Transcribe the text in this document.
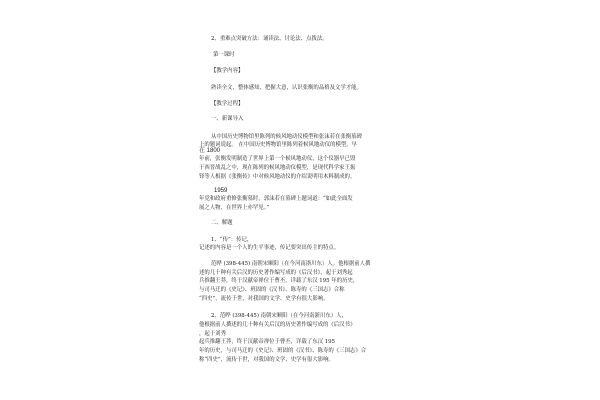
2、重难点突破方法：诵读法、讨论法、点拨法。
第一课时
【教学内容】
熟读全文，整体感知，把握大意，认识张衡的品格及文学才能。
【教学过程】
一、新课导入
从中国历史博物馆里陈列的候风地动仪模型和张沫若在张衡墓碑
上的题词说起。 在中国历史博物馆里陈列着候风地动仪的模型。早
在 1800
年前，张衡发明制造了世界上第一个候风地动仪，这个仪器早已毁
于西晋战乱之中，现在陈列的候风地动仪模型，是现代科学家王振
铎等人根据《张衡传》中对候风地动仪的介绍说明用木料制成的。
1959
年党和政府重修张衡墓时，郭沫若在墓碑上题词道：“如此全面发
展之人物，在世界上亦罕见。”
二、解题
1、“传”：传记，
记述的内容是一个人的生平事迹，传记要突出传主的特点。
范晔 (398-445) 南朝宋顺阳（在今河南浙川东）人。他根据前人撰
述的几十种有关后汉的历史著作编写成的《后汉书》，起于刘秀起
兵推翻王莽，终于汉献帝禅位于曹丕，详载了东汉 195 年的历史，
与司马迁的《史记》、班固的《汉书》、陈寿的《三国志》合称
“四史”，流传于世，对我国的文学、史学有很大影响。
2、范晔 (398-445) 南朝宋顺阳（在今河南浙川东）人，
他根据前人撰述的几十种有关后汉的历史著作编写成的《后汉书》
，起于刘秀
起兵推翻王莽，终于汉献帝禅位于曹丕，详载了东汉 195
年的历史，与司马迁的《史记》、班固的《汉书》、陈寿的《三国志》合
称“四史”，流传于世，对我国的文学、史学有很大影响。
